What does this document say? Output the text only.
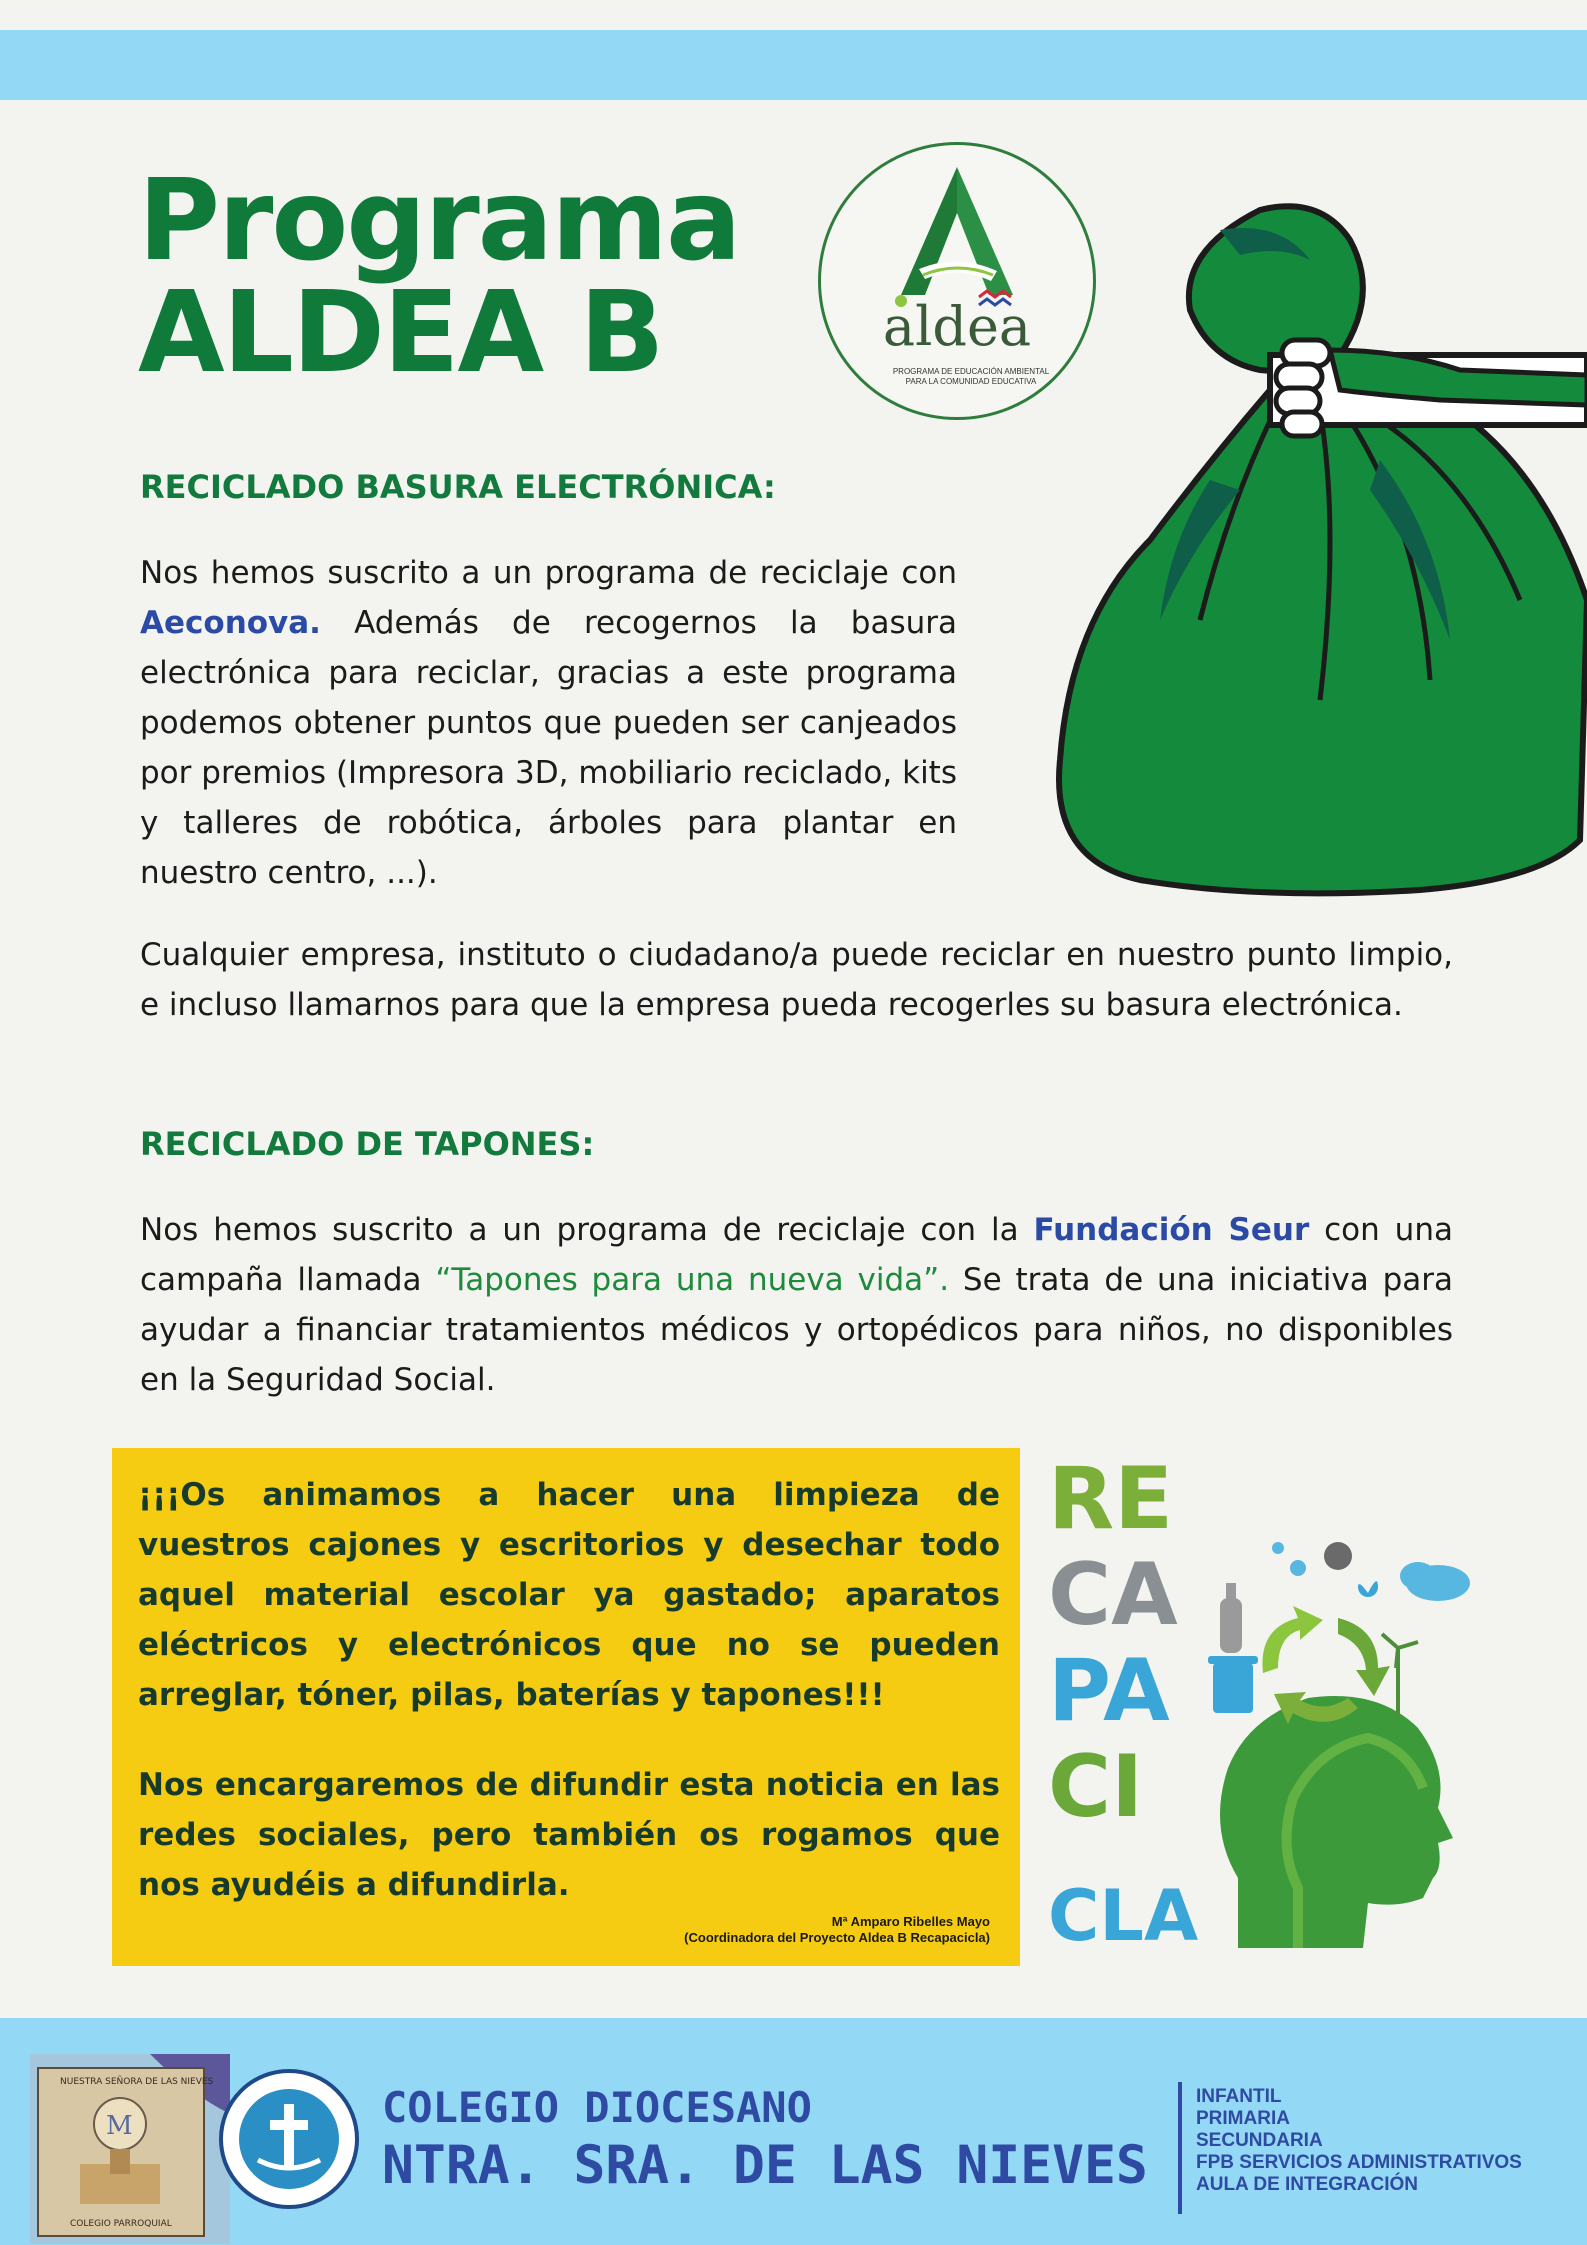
Programa
ALDEA B	aldea
PROGRAMA DE EDUCACIÓN AMBIENTAL
PARA LA COMUNIDAD EDUCATIVA
RECICLADO BASURA ELECTRÓNICA:
Nos hemos suscrito a un programa de reciclaje con Aeconova. Además de recogernos la basura electrónica para reciclar, gracias a este programa podemos obtener puntos que pueden ser canjeados por premios (Impresora 3D, mobiliario reciclado, kits y talleres de robótica, árboles para plantar en nuestro centro, ...).
Cualquier empresa, instituto o ciudadano/a puede reciclar en nuestro punto limpio, e incluso llamarnos para que la empresa pueda recogerles su basura electrónica.
RECICLADO DE TAPONES:
Nos hemos suscrito a un programa de reciclaje con la Fundación Seur con una campaña llamada “Tapones para una nueva vida”. Se trata de una iniciativa para ayudar a financiar tratamientos médicos y ortopédicos para niños, no disponibles en la Seguridad Social.
¡¡¡Os animamos a hacer una limpieza de vuestros cajones y escritorios y desechar todo aquel material escolar ya gastado; aparatos eléctricos y electrónicos que no se pueden arreglar, tóner, pilas, baterías y tapones!!!
Nos encargaremos de difundir esta noticia en las redes sociales, pero también os rogamos que nos ayudéis a difundirla.
Mª Amparo Ribelles Mayo
(Coordinadora del Proyecto Aldea B Recapacicla)
RE
CA
PA
CI
CLA
NUESTRA SEÑORA DE LAS NIEVES
M
COLEGIO PARROQUIAL
COLEGIO DIOCESANO
NTRA. SRA. DE LAS NIEVES
INFANTIL
PRIMARIA
SECUNDARIA
FPB SERVICIOS ADMINISTRATIVOS
AULA DE INTEGRACIÓN
